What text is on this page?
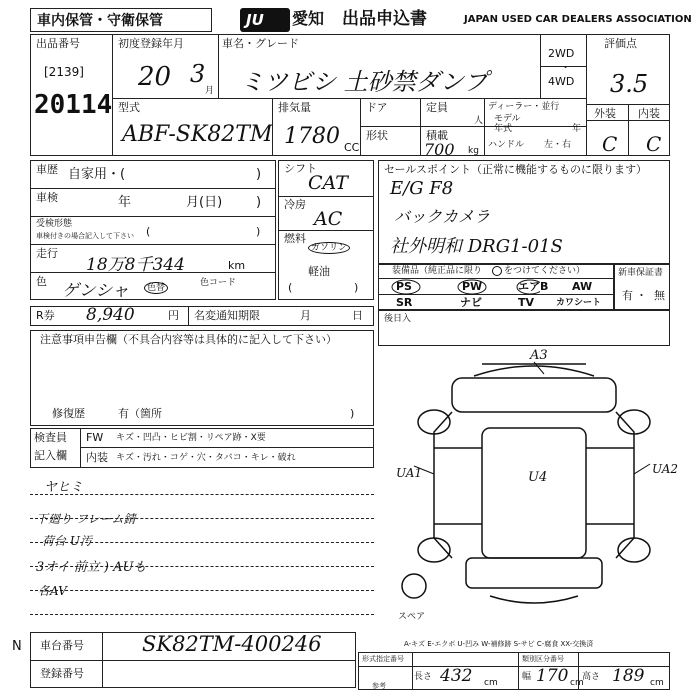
車内保管・守衛保管	JU 愛知 出品申込書	JAPAN USED CAR DEALERS ASSOCIATION
出品番号
[2139]
20114
初度登録年月
20 3
月
車名・グレード
ミツビシ 土砂禁ダンプ
2WD
・
4WD
評価点
3.5
型式
ABF-SK82TM
排気量
1780 CC
ドア	定員
人
ディーラー・並行
モデル
年式	年
形状	積載
700 kg
ハンドル 左・右
外装 内装
C C
車歴 自家用・(	)
車検	年	月(日)	)
受検形態
車検付きの場合記入して下さい (	)
走行
18万8千344	km
色 ゲンシャ	色替	色コード
シフト
CAT
冷房
AC
燃料
ガソリン
軽油
(	)
セールスポイント（正常に機能するものに限ります）
E/G F8
バックカメラ
社外明和 DRG1-01S
装備品（純正品に限り をつけてください）
PS	PW	エアB AW
SR	ナビ	TV カワシート
新車保証書
有 ・ 無
R券 8,940	円 名変通知期限	月	日 後日入
注意事項申告欄（不具合内容等は具体的に記入して下さい）
修復歴	有（箇所	)
検査員
記入欄
FW キズ・凹凸・ヒビ割・リペア跡・X要
内装 キズ・汚れ・コゲ・穴・タバコ・キレ・破れ
ヤヒミ
下廻り フレーム錆
荷台 U汚
3オイ 前立 ) AUも
各AV
A3
UA1	UA2
U4
スペア
A-キズ E-エクボ U-凹み W-補修跡 S-サビ C-腐食 XX-交換済
N 車台番号	SK82TM-400246
登録番号
形式指定番号	類別区分番号
参考
長さ 432 cm
幅 170 cm
高さ 189 cm
